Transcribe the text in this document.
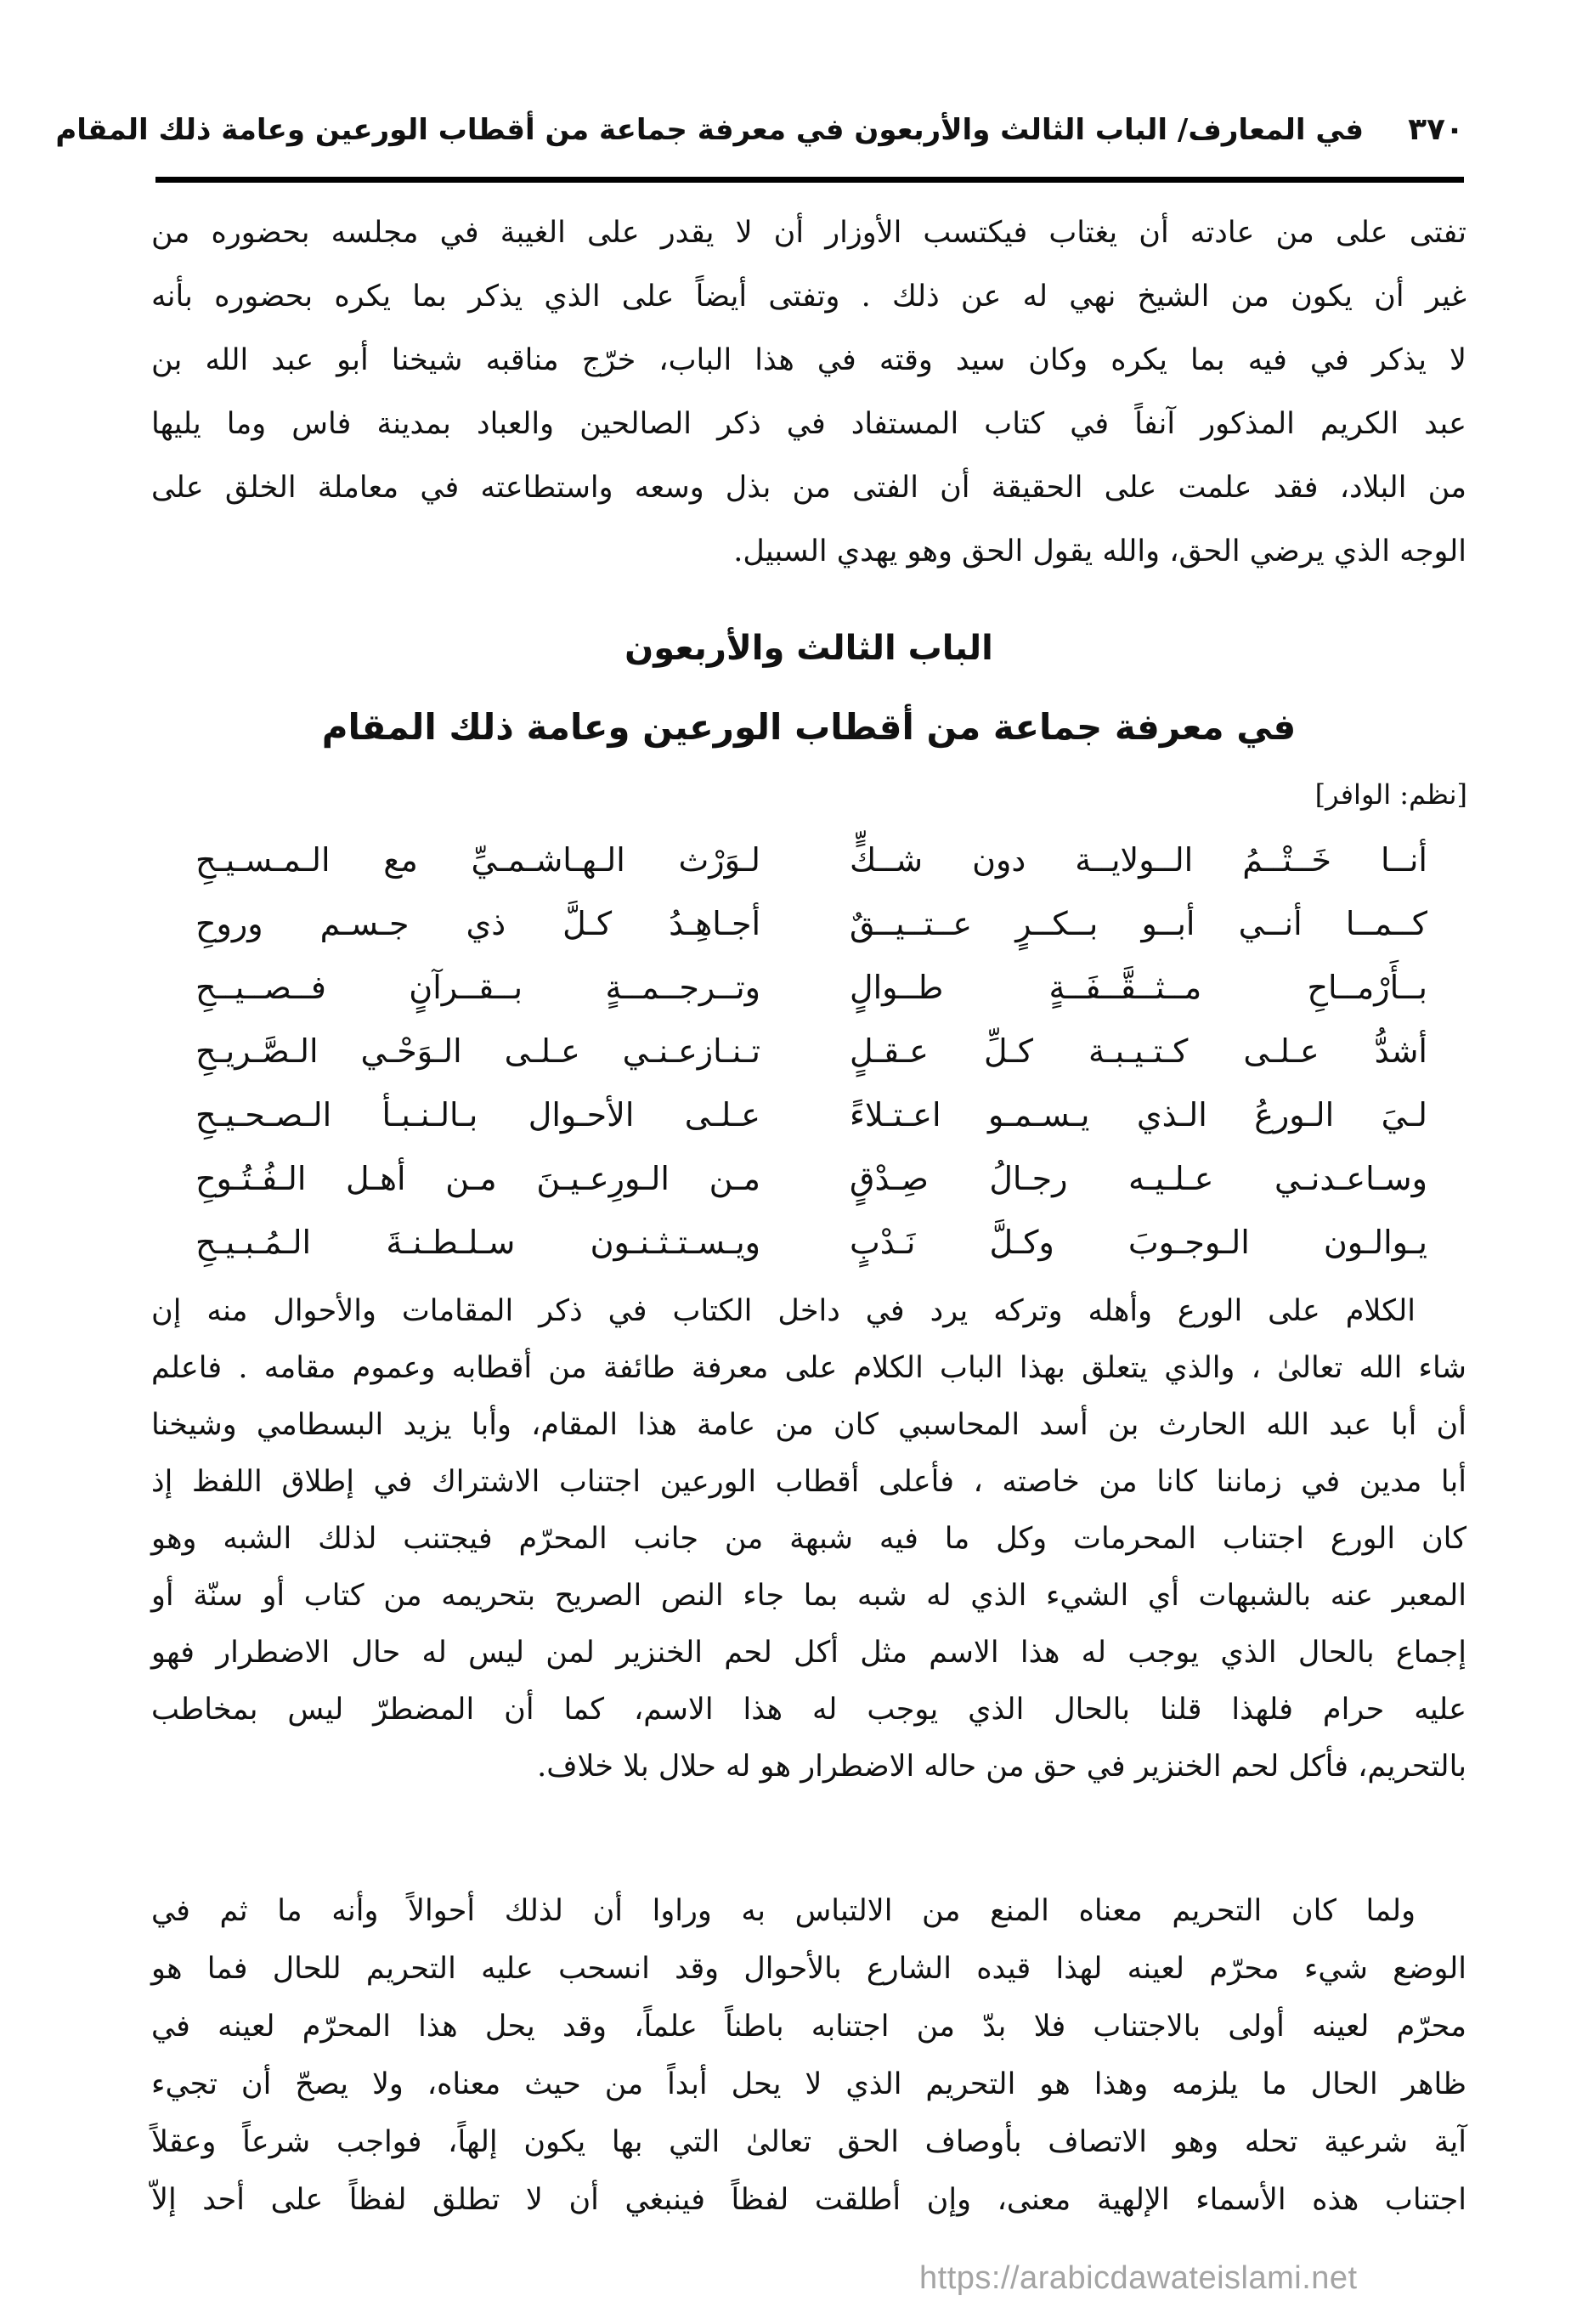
٣٧٠في المعارف/ الباب الثالث والأربعون في معرفة جماعة من أقطاب الورعين وعامة ذلك المقام
تفتى على من عادته أن يغتاب فيكتسب الأوزار أن لا يقدر على الغيبة في مجلسه بحضوره من
غير أن يكون من الشيخ نهي له عن ذلك . وتفتى أيضاً على الذي يذكر بما يكره بحضوره بأنه
لا يذكر في فيه بما يكره وكان سيد وقته في هذا الباب، خرّج مناقبه شيخنا أبو عبد الله بن
عبد الكريم المذكور آنفاً في كتاب المستفاد في ذكر الصالحين والعباد بمدينة فاس وما يليها
من البلاد، فقد علمت على الحقيقة أن الفتى من بذل وسعه واستطاعته في معاملة الخلق على
الوجه الذي يرضي الحق، والله يقول الحق وهو يهدي السبيل.
الباب الثالث والأربعون
في معرفة جماعة من أقطاب الورعين وعامة ذلك المقام
[نظم: الوافر]
أنــا خَــتْــمُ الــولايــة دون شــكٍّ
لـوَرْث الـهـاشـمـيِّ مع الـمـسـيـحِ
كــمــا أنــي أبــو بــكــرٍ عــتــيــقٌ
أجـاهِـدُ كـلَّ ذي جـسـم وروحِ
بــأَرْمــاحِ مــثــقَّــفَــةٍ طــوالٍ
وتــرجــمــةٍ بــقــرآنٍ فــصــيــحِ
أشدُّ عـلـى كـتـيـبـة كـلِّ عـقـلٍ
تـنـازعـنـي عـلـى الـوَحْـي الـصَّـريـحِ
لـيَ الـورعُ الـذي يـسـمـو اعـتـلاءً
عـلـى الأحـوال بـالـنـبـأ الـصـحـيـحِ
وسـاعـدنـي عـلـيـه رجـالُ صِـدْقٍ
مـن الـورِعـيـنَ مـن أهـل الـفُـتُـوحِ
يـوالـون الـوجـوبَ وكـلَّ نَـدْبٍ
ويـسـتـثـنـون سـلـطـنـةَ الـمُـبـيـحِ
الكلام على الورع وأهله وتركه يرد في داخل الكتاب في ذكر المقامات والأحوال منه إن
شاء الله تعالىٰ ، والذي يتعلق بهذا الباب الكلام على معرفة طائفة من أقطابه وعموم مقامه . فاعلم
أن أبا عبد الله الحارث بن أسد المحاسبي كان من عامة هذا المقام، وأبا يزيد البسطامي وشيخنا
أبا مدين في زماننا كانا من خاصته ، فأعلى أقطاب الورعين اجتناب الاشتراك في إطلاق اللفظ إذ
كان الورع اجتناب المحرمات وكل ما فيه شبهة من جانب المحرّم فيجتنب لذلك الشبه وهو
المعبر عنه بالشبهات أي الشيء الذي له شبه بما جاء النص الصريح بتحريمه من كتاب أو سنّة أو
إجماع بالحال الذي يوجب له هذا الاسم مثل أكل لحم الخنزير لمن ليس له حال الاضطرار فهو
عليه حرام فلهذا قلنا بالحال الذي يوجب له هذا الاسم، كما أن المضطرّ ليس بمخاطب
بالتحريم، فأكل لحم الخنزير في حق من حاله الاضطرار هو له حلال بلا خلاف.
ولما كان التحريم معناه المنع من الالتباس به وراوا أن لذلك أحوالاً وأنه ما ثم في
الوضع شيء محرّم لعينه لهذا قيده الشارع بالأحوال وقد انسحب عليه التحريم للحال فما هو
محرّم لعينه أولى بالاجتناب فلا بدّ من اجتنابه باطناً علماً، وقد يحل هذا المحرّم لعينه في
ظاهر الحال ما يلزمه وهذا هو التحريم الذي لا يحل أبداً من حيث معناه، ولا يصحّ أن تجيء
آية شرعية تحله وهو الاتصاف بأوصاف الحق تعالىٰ التي بها يكون إلهاً، فواجب شرعاً وعقلاً
اجتناب هذه الأسماء الإلهية معنى، وإن أطلقت لفظاً فينبغي أن لا تطلق لفظاً على أحد إلاّ
https://arabicdawateislami.net
